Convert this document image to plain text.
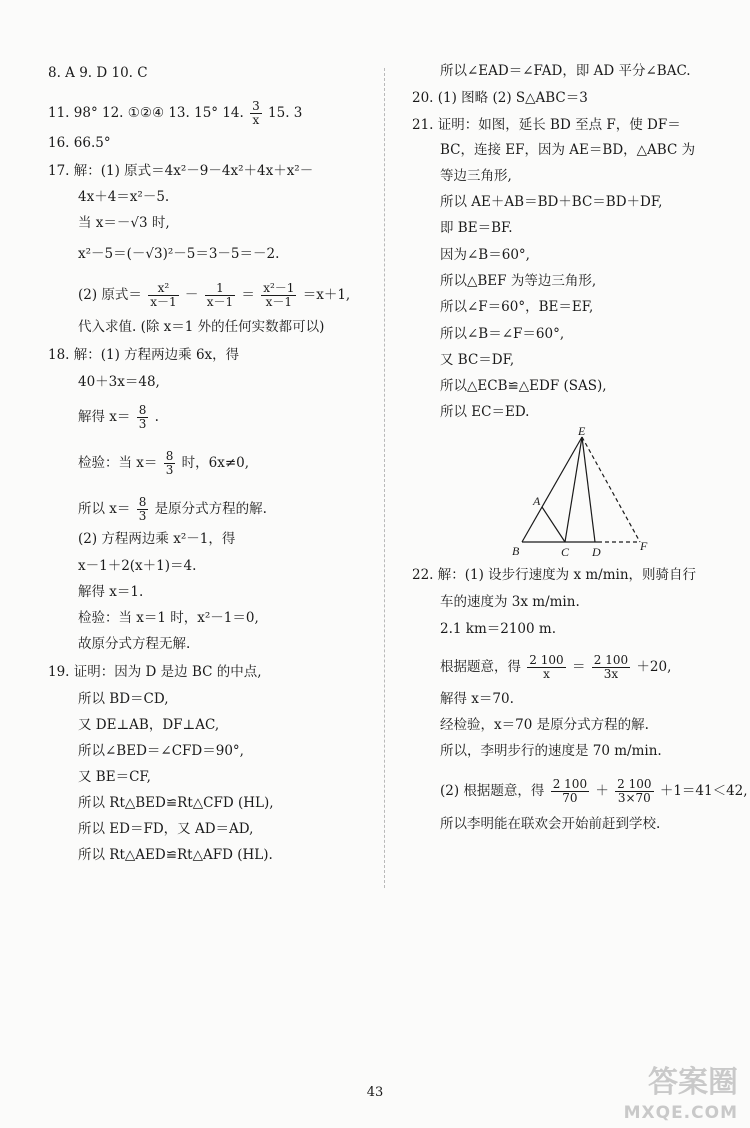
8. A 9. D 10. C
11. 98° 12. ①②④ 13. 15° 14. $\frac{3}{x} 15$. 3
16. 66.5°
17. 解：(1) 原式＝4x²－9－4x²＋4x＋x²－
4x＋4＝x²－5.
当 x＝－√3 时,
x²－5＝(－√3)²－5＝3－5＝－2.
(2) 原式＝ $\frac{\text{x²}}{x-1} - \frac{1}{x-1} = \frac{\text{x²－1}}{x-1} =x+1$,
代入求值. (除 x＝1 外的任何实数都可以)
18. 解：(1) 方程两边乘 6x，得
40＋3x＝48,
解得 $x= \frac{8}{3}$ .
检验：当 $x= \frac{8}{3}$ 时，6x≠0,
所以 $x= \frac{8}{3}$ 是原分式方程的解.
(2) 方程两边乘 x²－1，得
x－1＋2(x＋1)＝4.
解得 x＝1.
检验：当 x＝1 时，x²－1＝0,
故原分式方程无解.
19. 证明：因为 D 是边 BC 的中点,
所以 BD＝CD,
又 DE⊥AB，DF⊥AC,
所以∠BED＝∠CFD＝90°,
又 BE＝CF,
所以 Rt△BED≌Rt△CFD (HL),
所以 ED＝FD，又 AD＝AD,
所以 Rt△AED≌Rt△AFD (HL).
所以∠EAD＝∠FAD，即 AD 平分∠BAC.
20. (1) 图略 (2) S△ABC＝3
21. 证明：如图，延长 BD 至点 F，使 DF＝
BC，连接 EF，因为 AE＝BD，△ABC 为
等边三角形,
所以 AE＋AB＝BD＋BC＝BD＋DF,
即 BE＝BF.
因为∠B＝60°,
所以△BEF 为等边三角形,
所以∠F＝60°，BE＝EF,
所以∠B＝∠F＝60°,
又 BC＝DF,
所以△ECB≌△EDF (SAS),
所以 EC＝ED.
E
A
B	C D	F
22. 解：(1) 设步行速度为 x m/min，则骑自行
车的速度为 3x m/min.
2.1 km＝2100 m.
根据题意，得 $\frac{2 100}{x} = \frac{2 100}{3x} +20$,
解得 x＝70.
经检验，x＝70 是原分式方程的解.
所以，李明步行的速度是 70 m/min.
(2) 根据题意，得 $\frac{2 100}{70} + \frac{2 100}{3\times 70} +1=41<42$,
所以李明能在联欢会开始前赶到学校.
43	答案圈
MXQE.COM
